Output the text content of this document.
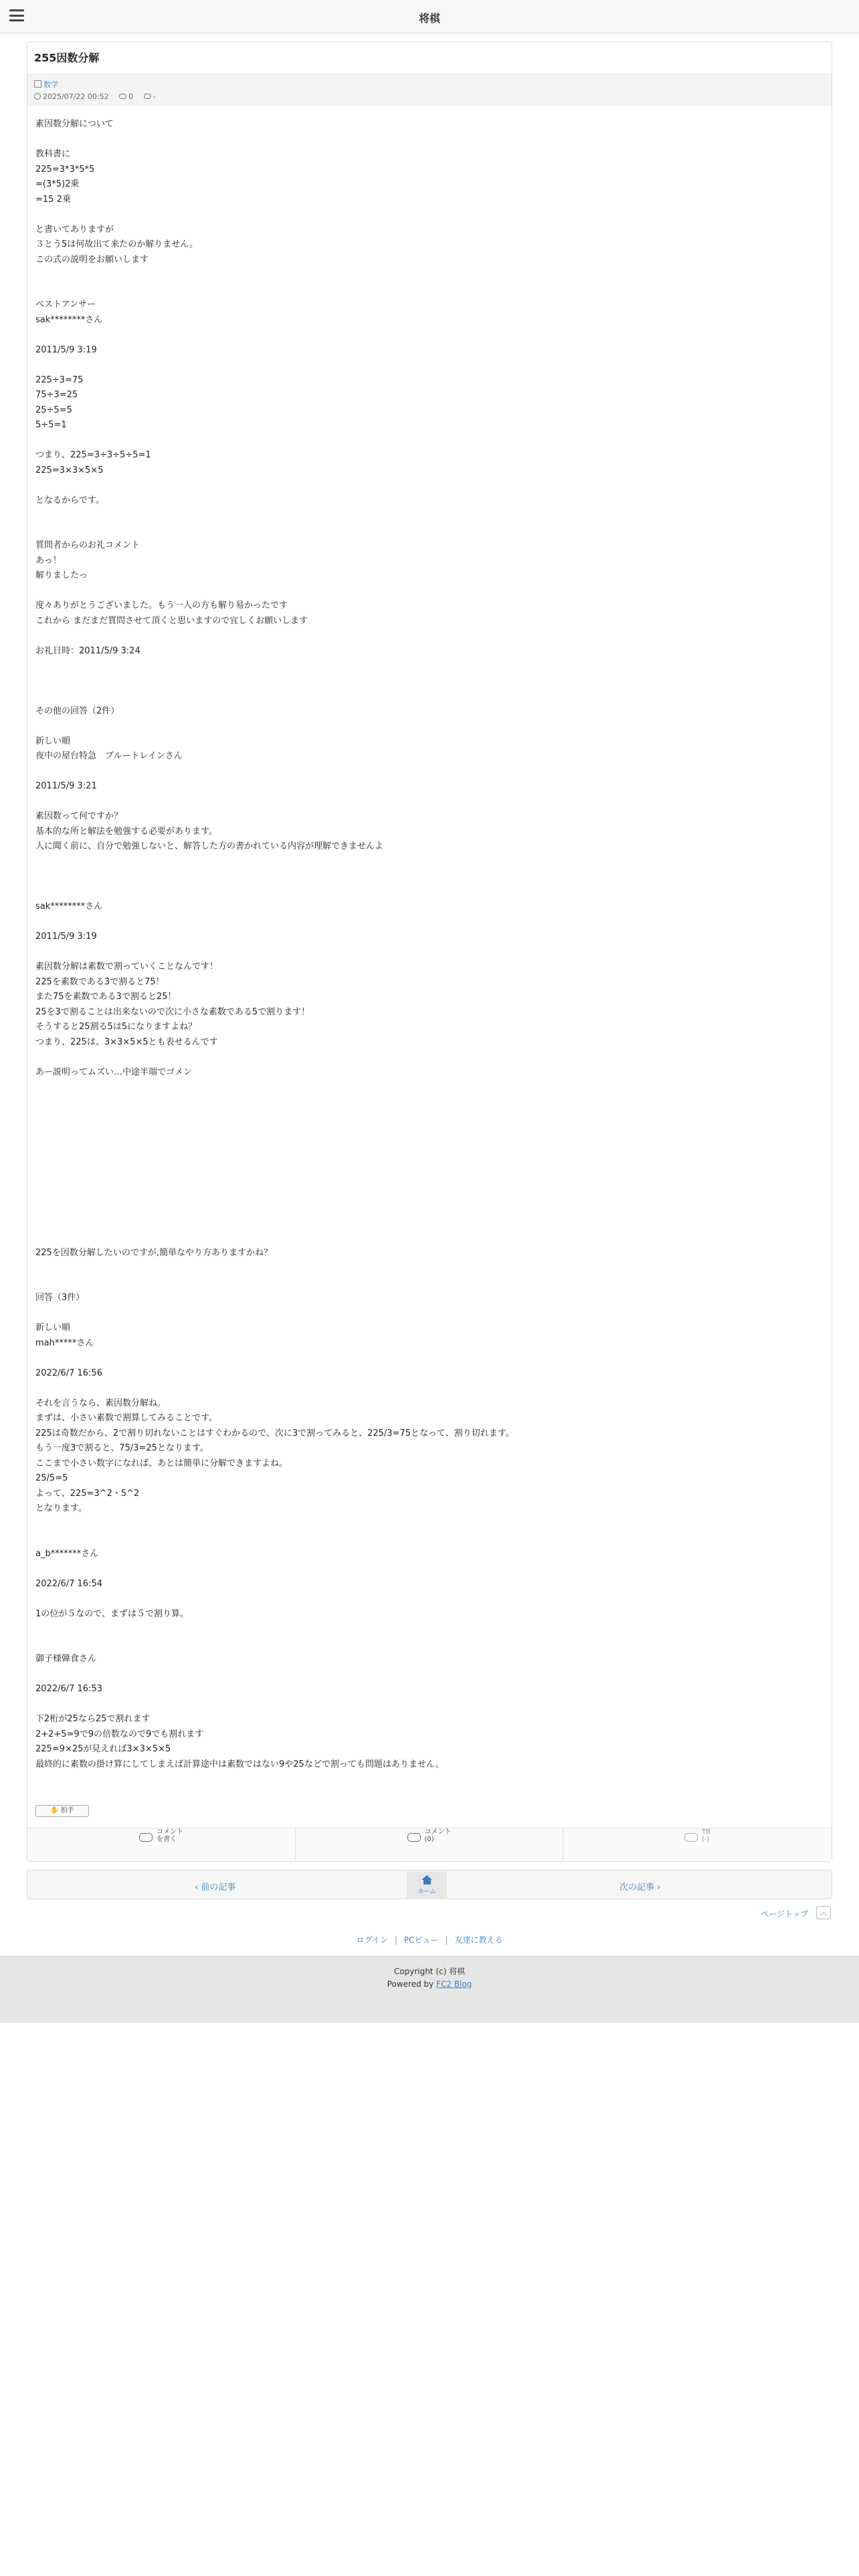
将棋
255因数分解
数学
2025/07/22 00:52	0	-
素因数分解について

教科書に
225=3*3*5*5
=(3*5)2乗
=15 2乗

と書いてありますが
３とう5は何故出て来たのか解りません。
この式の説明をお願いします

ベストアンサー
sak********さん

2011/5/9 3:19

225÷3=75
75÷3=25
25÷5=5
5÷5=1

つまり、225=3÷3÷5÷5=1
225=3×3×5×5

となるからです。

質問者からのお礼コメント
あっ！
解りましたっ

度々ありがとうございました。もう一人の方も解り易かったです
これから まだまだ質問させて頂くと思いますので宜しくお願いします

お礼日時：2011/5/9 3:24

その他の回答（2件）

新しい順
夜中の屋台特急　ブルートレインさん

2011/5/9 3:21

素因数って何ですか？
基本的な所と解法を勉強する必要があります。
人に聞く前に、自分で勉強しないと、解答した方の書かれている内容が理解できませんよ

sak********さん

2011/5/9 3:19

素因数分解は素数で割っていくことなんです！
225を素数である3で割ると75！
また75を素数である3で割ると25！
25を3で割ることは出来ないので次に小さな素数である5で割ります！
そうすると25割る5は5になりますよね？
つまり、225は、3×3×5×5とも表せるんです

あー説明ってムズい…中途半端でゴメン

225を因数分解したいのですが,簡単なやり方ありますかね？

回答（3件）

新しい順
mah*****さん

2022/6/7 16:56

それを言うなら、素因数分解ね。
まずは、小さい素数で割算してみることです。
225は奇数だから、2で割り切れないことはすぐわかるので、次に3で割ってみると、225/3=75となって、割り切れます。
もう一度3で割ると、75/3=25となります。
ここまで小さい数字になれば、あとは簡単に分解できますよね。
25/5=5
よって、225=3^2・5^2
となります。

a_b*******さん

2022/6/7 16:54

1の位が５なので、まずは５で割り算。

御子様韓食さん

2022/6/7 16:53

下2桁が25なら25で割れます
2+2+5=9で9の倍数なので9でも割れます
225=9×25が見えれば3×3×5×5
最終的に素数の掛け算にしてしまえば計算途中は素数ではない9や25などで割っても問題はありません。
✋ 拍手
コメント
を書く
コメント
(0)
TB
(-)
‹ 前の記事	ホーム	次の記事 ›
ページトップ	︿
ログイン | PCビュー | 友達に教える
Copyright (c) 将棋
Powered by FC2 Blog
